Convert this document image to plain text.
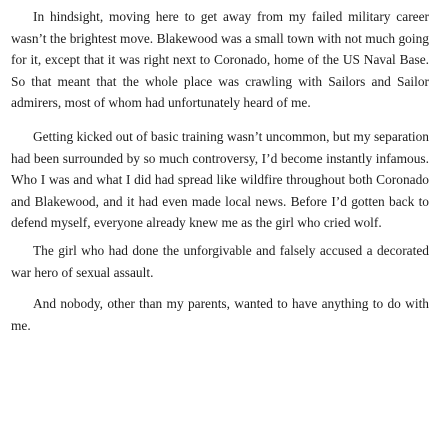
In hindsight, moving here to get away from my failed military career wasn’t the brightest move. Blakewood was a small town with not much going for it, except that it was right next to Coronado, home of the US Naval Base. So that meant that the whole place was crawling with Sailors and Sailor admirers, most of whom had unfortunately heard of me.

Getting kicked out of basic training wasn’t uncommon, but my separation had been surrounded by so much controversy, I’d become instantly infamous. Who I was and what I did had spread like wildfire throughout both Coronado and Blakewood, and it had even made local news. Before I’d gotten back to defend myself, everyone already knew me as the girl who cried wolf.

The girl who had done the unforgivable and falsely accused a decorated war hero of sexual assault.

And nobody, other than my parents, wanted to have anything to do with me.
